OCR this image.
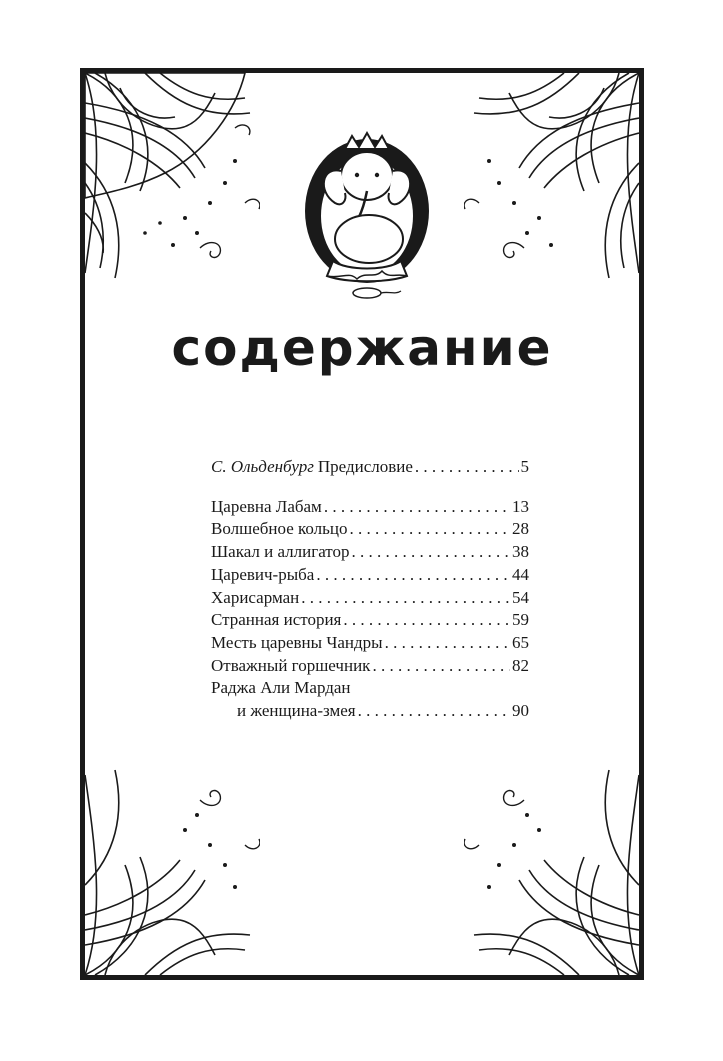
содержание
С. Ольденбург Предисловие . . .	5
Царевна Лабам . . .	13
Волшебное кольцо . . .	28
Шакал и аллигатор . . .	38
Царевич-рыба . . .	44
Харисарман . . .	54
Странная история . . .	59
Месть царевны Чандры . . .	65
Отважный горшечник . . .	82
Раджа Али Мардан
и женщина-змея . . .	90
